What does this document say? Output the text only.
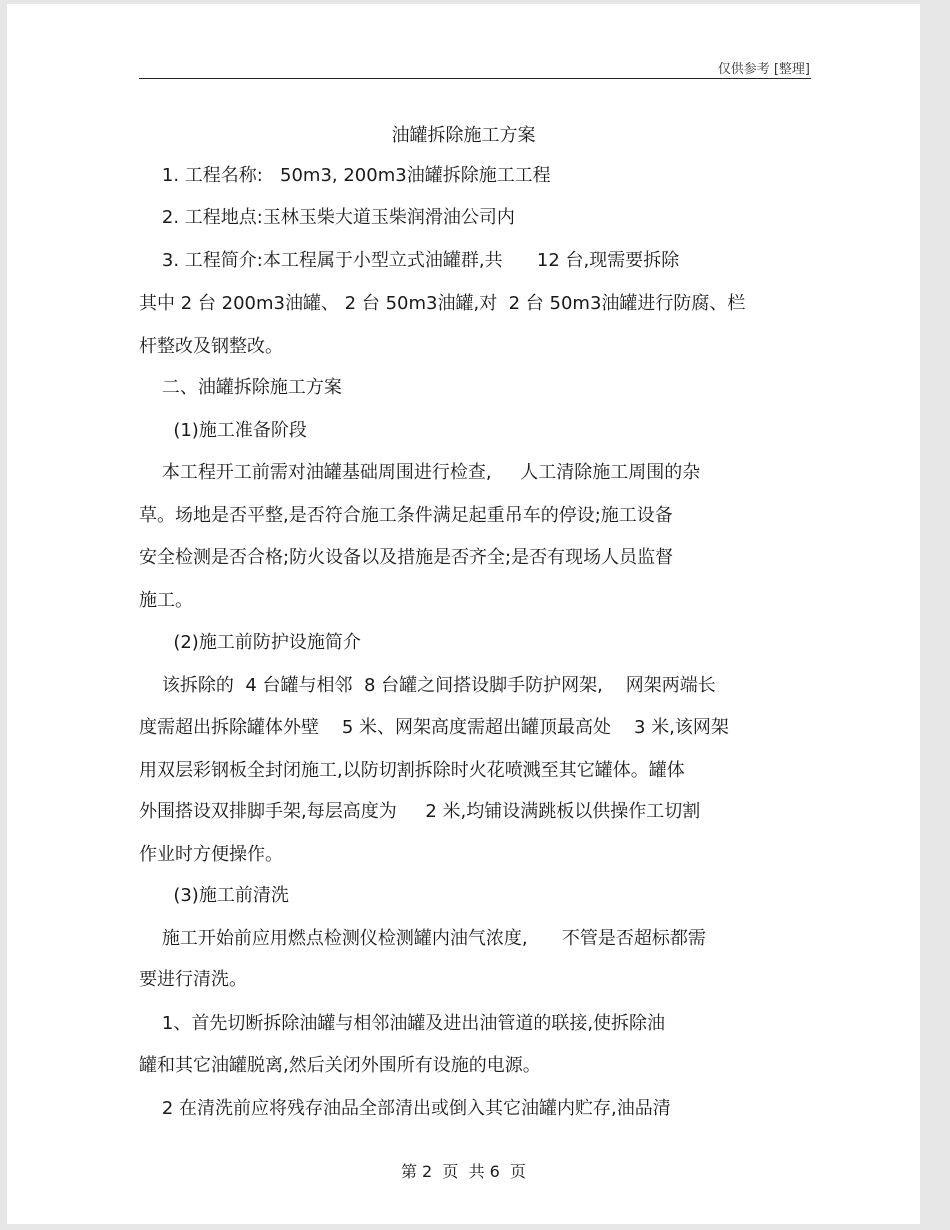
仅供参考 [整理]
油罐拆除施工方案
1. 工程名称:   50m3, 200m3油罐拆除施工工程
2. 工程地点:玉林玉柴大道玉柴润滑油公司内
3. 工程简介:本工程属于小型立式油罐群,共      12 台,现需要拆除
其中 2 台 200m3油罐、 2 台 50m3油罐,对  2 台 50m3油罐进行防腐、栏
杆整改及钢整改。
二、油罐拆除施工方案
(1)施工准备阶段
本工程开工前需对油罐基础周围进行检查,     人工清除施工周围的杂
草。场地是否平整,是否符合施工条件满足起重吊车的停设;施工设备
安全检测是否合格;防火设备以及措施是否齐全;是否有现场人员监督
施工。
(2)施工前防护设施简介
该拆除的  4 台罐与相邻  8 台罐之间搭设脚手防护网架,    网架两端长
度需超出拆除罐体外壁    5 米、网架高度需超出罐顶最高处    3 米,该网架
用双层彩钢板全封闭施工,以防切割拆除时火花喷溅至其它罐体。罐体
外围搭设双排脚手架,每层高度为     2 米,均铺设满跳板以供操作工切割
作业时方便操作。
(3)施工前清洗
施工开始前应用燃点检测仪检测罐内油气浓度,      不管是否超标都需
要进行清洗。
1、首先切断拆除油罐与相邻油罐及进出油管道的联接,使拆除油
罐和其它油罐脱离,然后关闭外围所有设施的电源。
2 在清洗前应将残存油品全部清出或倒入其它油罐内贮存,油品清
第 2  页  共 6  页
